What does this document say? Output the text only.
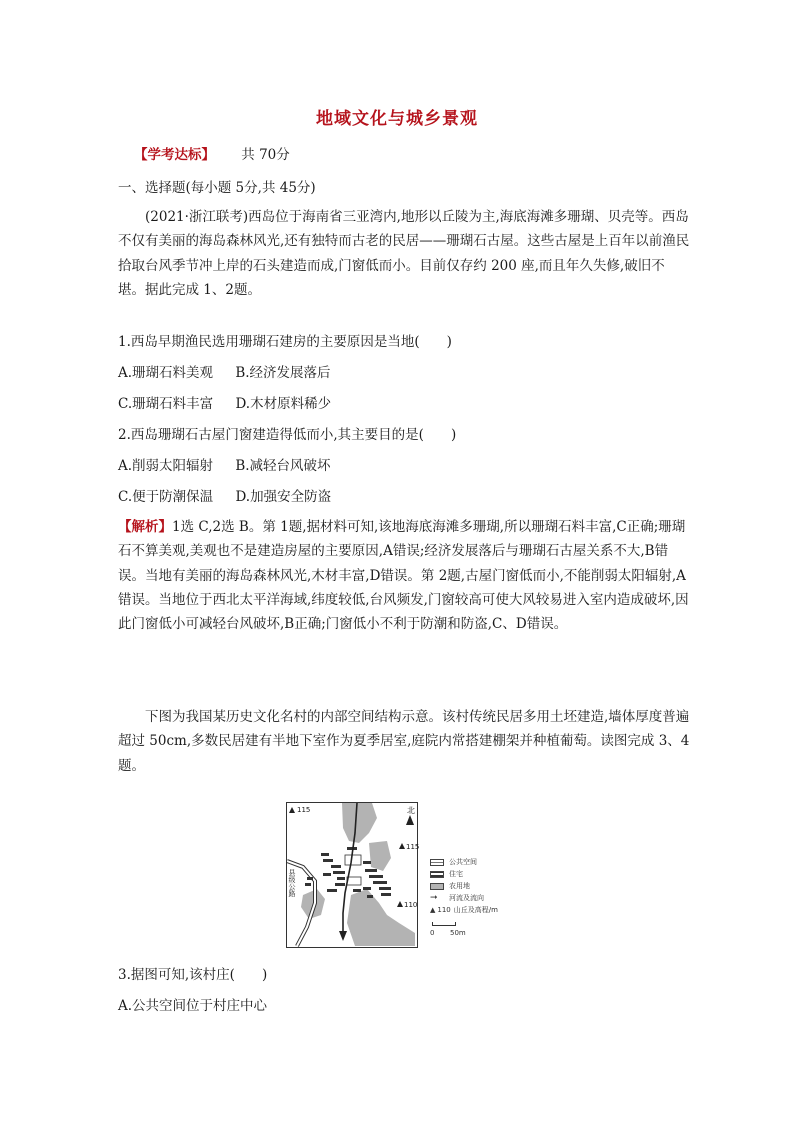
地域文化与城乡景观
【学考达标】 共 70分
一、选择题(每小题 5分,共 45分)
(2021·浙江联考)西岛位于海南省三亚湾内,地形以丘陵为主,海底海滩多珊瑚、贝壳等。西岛不仅有美丽的海岛森林风光,还有独特而古老的民居——珊瑚石古屋。这些古屋是上百年以前渔民拾取台风季节冲上岸的石头建造而成,门窗低而小。目前仅存约 200 座,而且年久失修,破旧不堪。据此完成 1、2题。
1.西岛早期渔民选用珊瑚石建房的主要原因是当地(　　)
A.珊瑚石料美观 B.经济发展落后
C.珊瑚石料丰富 D.木材原料稀少
2.西岛珊瑚石古屋门窗建造得低而小,其主要目的是(　　)
A.削弱太阳辐射 B.减轻台风破坏
C.便于防潮保温 D.加强安全防盗
【解析】1选 C,2选 B。第 1题,据材料可知,该地海底海滩多珊瑚,所以珊瑚石料丰富,C正确;珊瑚石不算美观,美观也不是建造房屋的主要原因,A错误;经济发展落后与珊瑚石古屋关系不大,B错误。当地有美丽的海岛森林风光,木材丰富,D错误。第 2题,古屋门窗低而小,不能削弱太阳辐射,A错误。当地位于西北太平洋海域,纬度较低,台风频发,门窗较高可使大风较易进入室内造成破坏,因此门窗低小可减轻台风破坏,B正确;门窗低小不利于防潮和防盗,C、D错误。
下图为我国某历史文化名村的内部空间结构示意。该村传统民居多用土坯建造,墙体厚度普遍超过 50cm,多数民居建有半地下室作为夏季居室,庭院内常搭建棚架并种植葡萄。读图完成 3、4题。
115
115
110
北
县级公路
公共空间
住宅
农用地
➞	河流及流向
▲ 110 山丘及高程/m
0 50m
3.据图可知,该村庄(　　)
A.公共空间位于村庄中心
